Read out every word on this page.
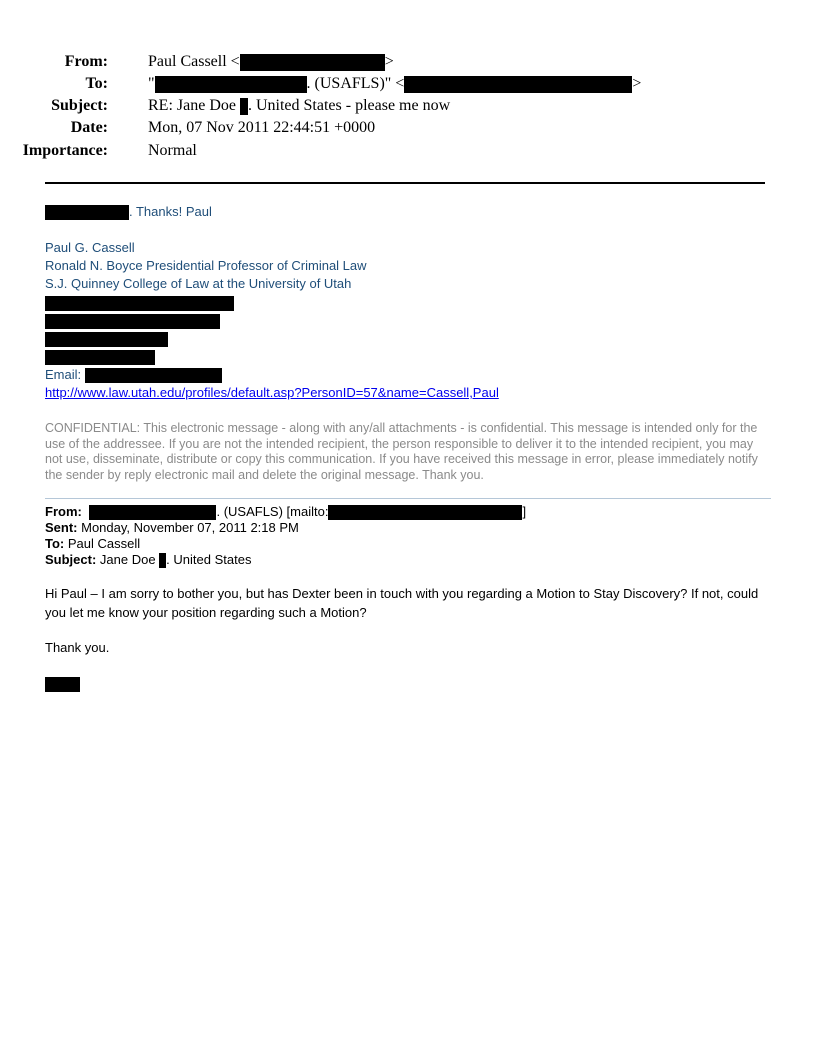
From:	Paul Cassell <	>
To:	"	. (USAFLS)" <	>
Subject:	RE: Jane Doe . United States - please me now
Date:	Mon, 07 Nov 2011 22:44:51 +0000
Importance:	Normal
. Thanks! Paul
Paul G. Cassell
Ronald N. Boyce Presidential Professor of Criminal Law
S.J. Quinney College of Law at the University of Utah
Email:
http://www.law.utah.edu/profiles/default.asp?PersonID=57&name=Cassell,Paul
CONFIDENTIAL: This electronic message - along with any/all attachments - is confidential. This message is intended only for the use of the addressee. If you are not the intended recipient, the person responsible to deliver it to the intended recipient, you may not use, disseminate, distribute or copy this communication. If you have received this message in error, please immediately notify the sender by reply electronic mail and delete the original message. Thank you.
From:	. (USAFLS) [mailto:	]
Sent: Monday, November 07, 2011 2:18 PM
To: Paul Cassell
Subject: Jane Doe . United States
Hi Paul – I am sorry to bother you, but has Dexter been in touch with you regarding a Motion to Stay Discovery? If not, could you let me know your position regarding such a Motion?
Thank you.
